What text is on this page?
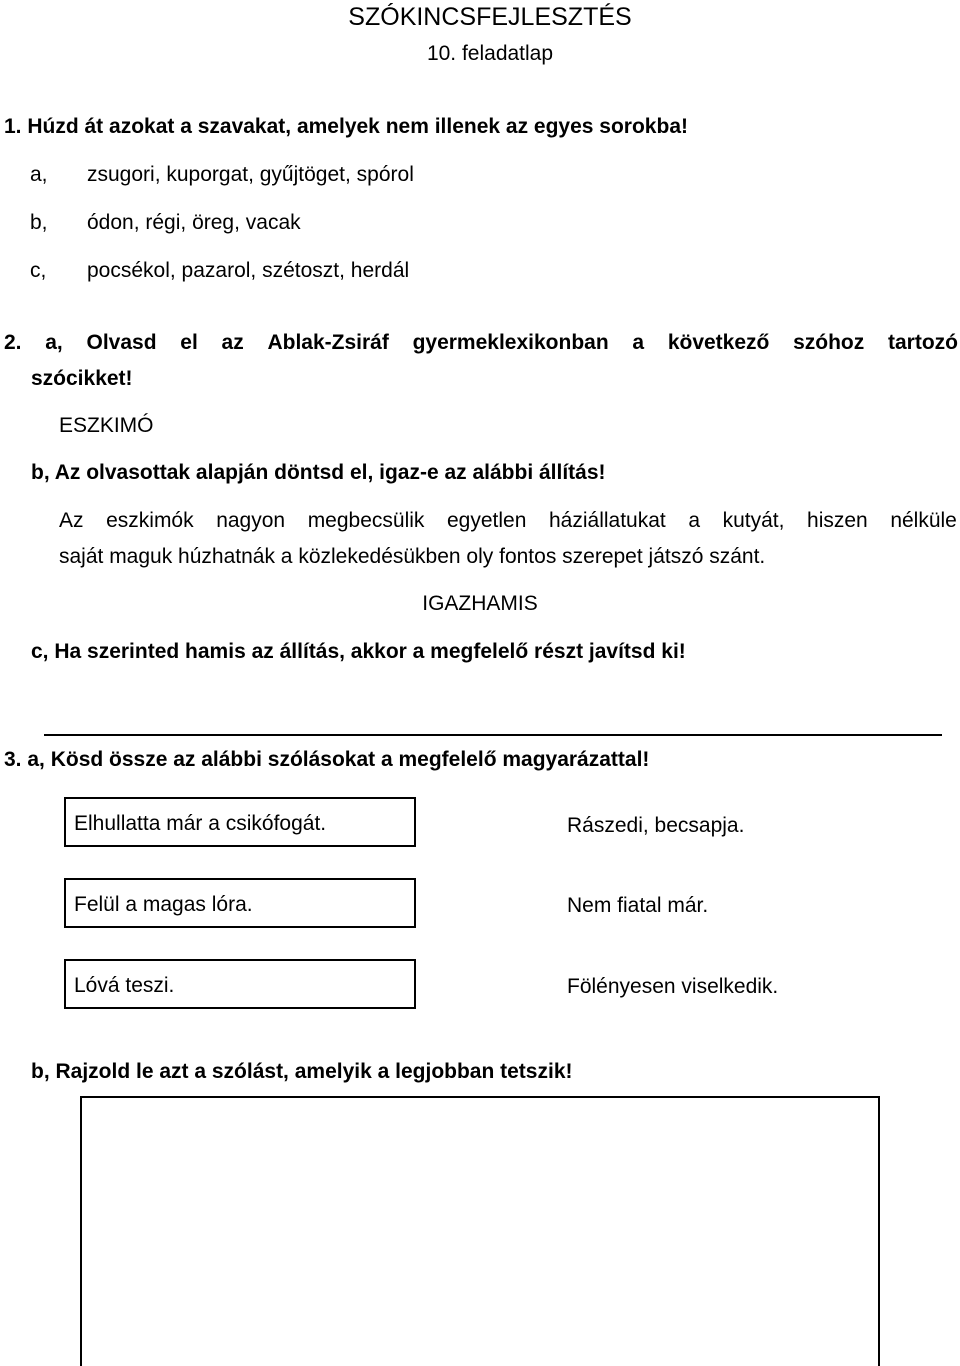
SZÓKINCSFEJLESZTÉS
10. feladatlap
1. Húzd át azokat a szavakat, amelyek nem illenek az egyes sorokba!
a, zsugori, kuporgat, gyűjtöget, spórol
b, ódon, régi, öreg, vacak
c, pocsékol, pazarol, szétoszt, herdál
2. a, Olvasd el az Ablak-Zsiráf gyermeklexikonban a következő szóhoz tartozó
szócikket!
ESZKIMÓ
b, Az olvasottak alapján döntsd el, igaz-e az alábbi állítás!
Az eszkimók nagyon megbecsülik egyetlen háziállatukat a kutyát, hiszen nélküle
saját maguk húzhatnák a közlekedésükben oly fontos szerepet játszó szánt.
IGAZHAMIS
c, Ha szerinted hamis az állítás, akkor a megfelelő részt javítsd ki!
3. a, Kösd össze az alábbi szólásokat a megfelelő magyarázattal!
Elhullatta már a csikófogát.
Felül a magas lóra.
Lóvá teszi.
Rászedi, becsapja.
Nem fiatal már.
Fölényesen viselkedik.
b, Rajzold le azt a szólást, amelyik a legjobban tetszik!
